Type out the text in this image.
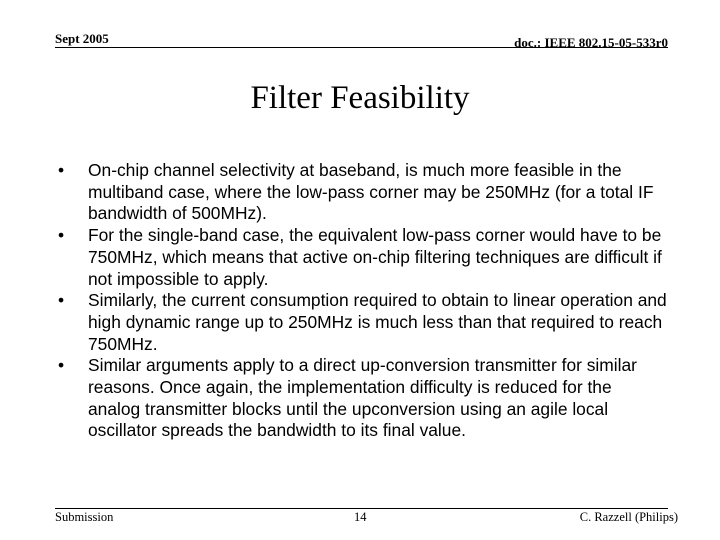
Sept 2005	doc.: IEEE 802.15-05-533r0
Filter Feasibility
•	On-chip channel selectivity at baseband, is much more feasible in the multiband case, where the low-pass corner may be 250MHz (for a total IF bandwidth of 500MHz).
•	For the single-band case, the equivalent low-pass corner would have to be 750MHz, which means that active on-chip filtering techniques are difficult if not impossible to apply.
•	Similarly, the current consumption required to obtain to linear operation and high dynamic range up to 250MHz is much less than that required to reach 750MHz.
•	Similar arguments apply to a direct up-conversion transmitter for similar reasons. Once again, the implementation difficulty is reduced for the analog transmitter blocks until the upconversion using an agile local oscillator spreads the bandwidth to its final value.
Submission	14	C. Razzell (Philips)
